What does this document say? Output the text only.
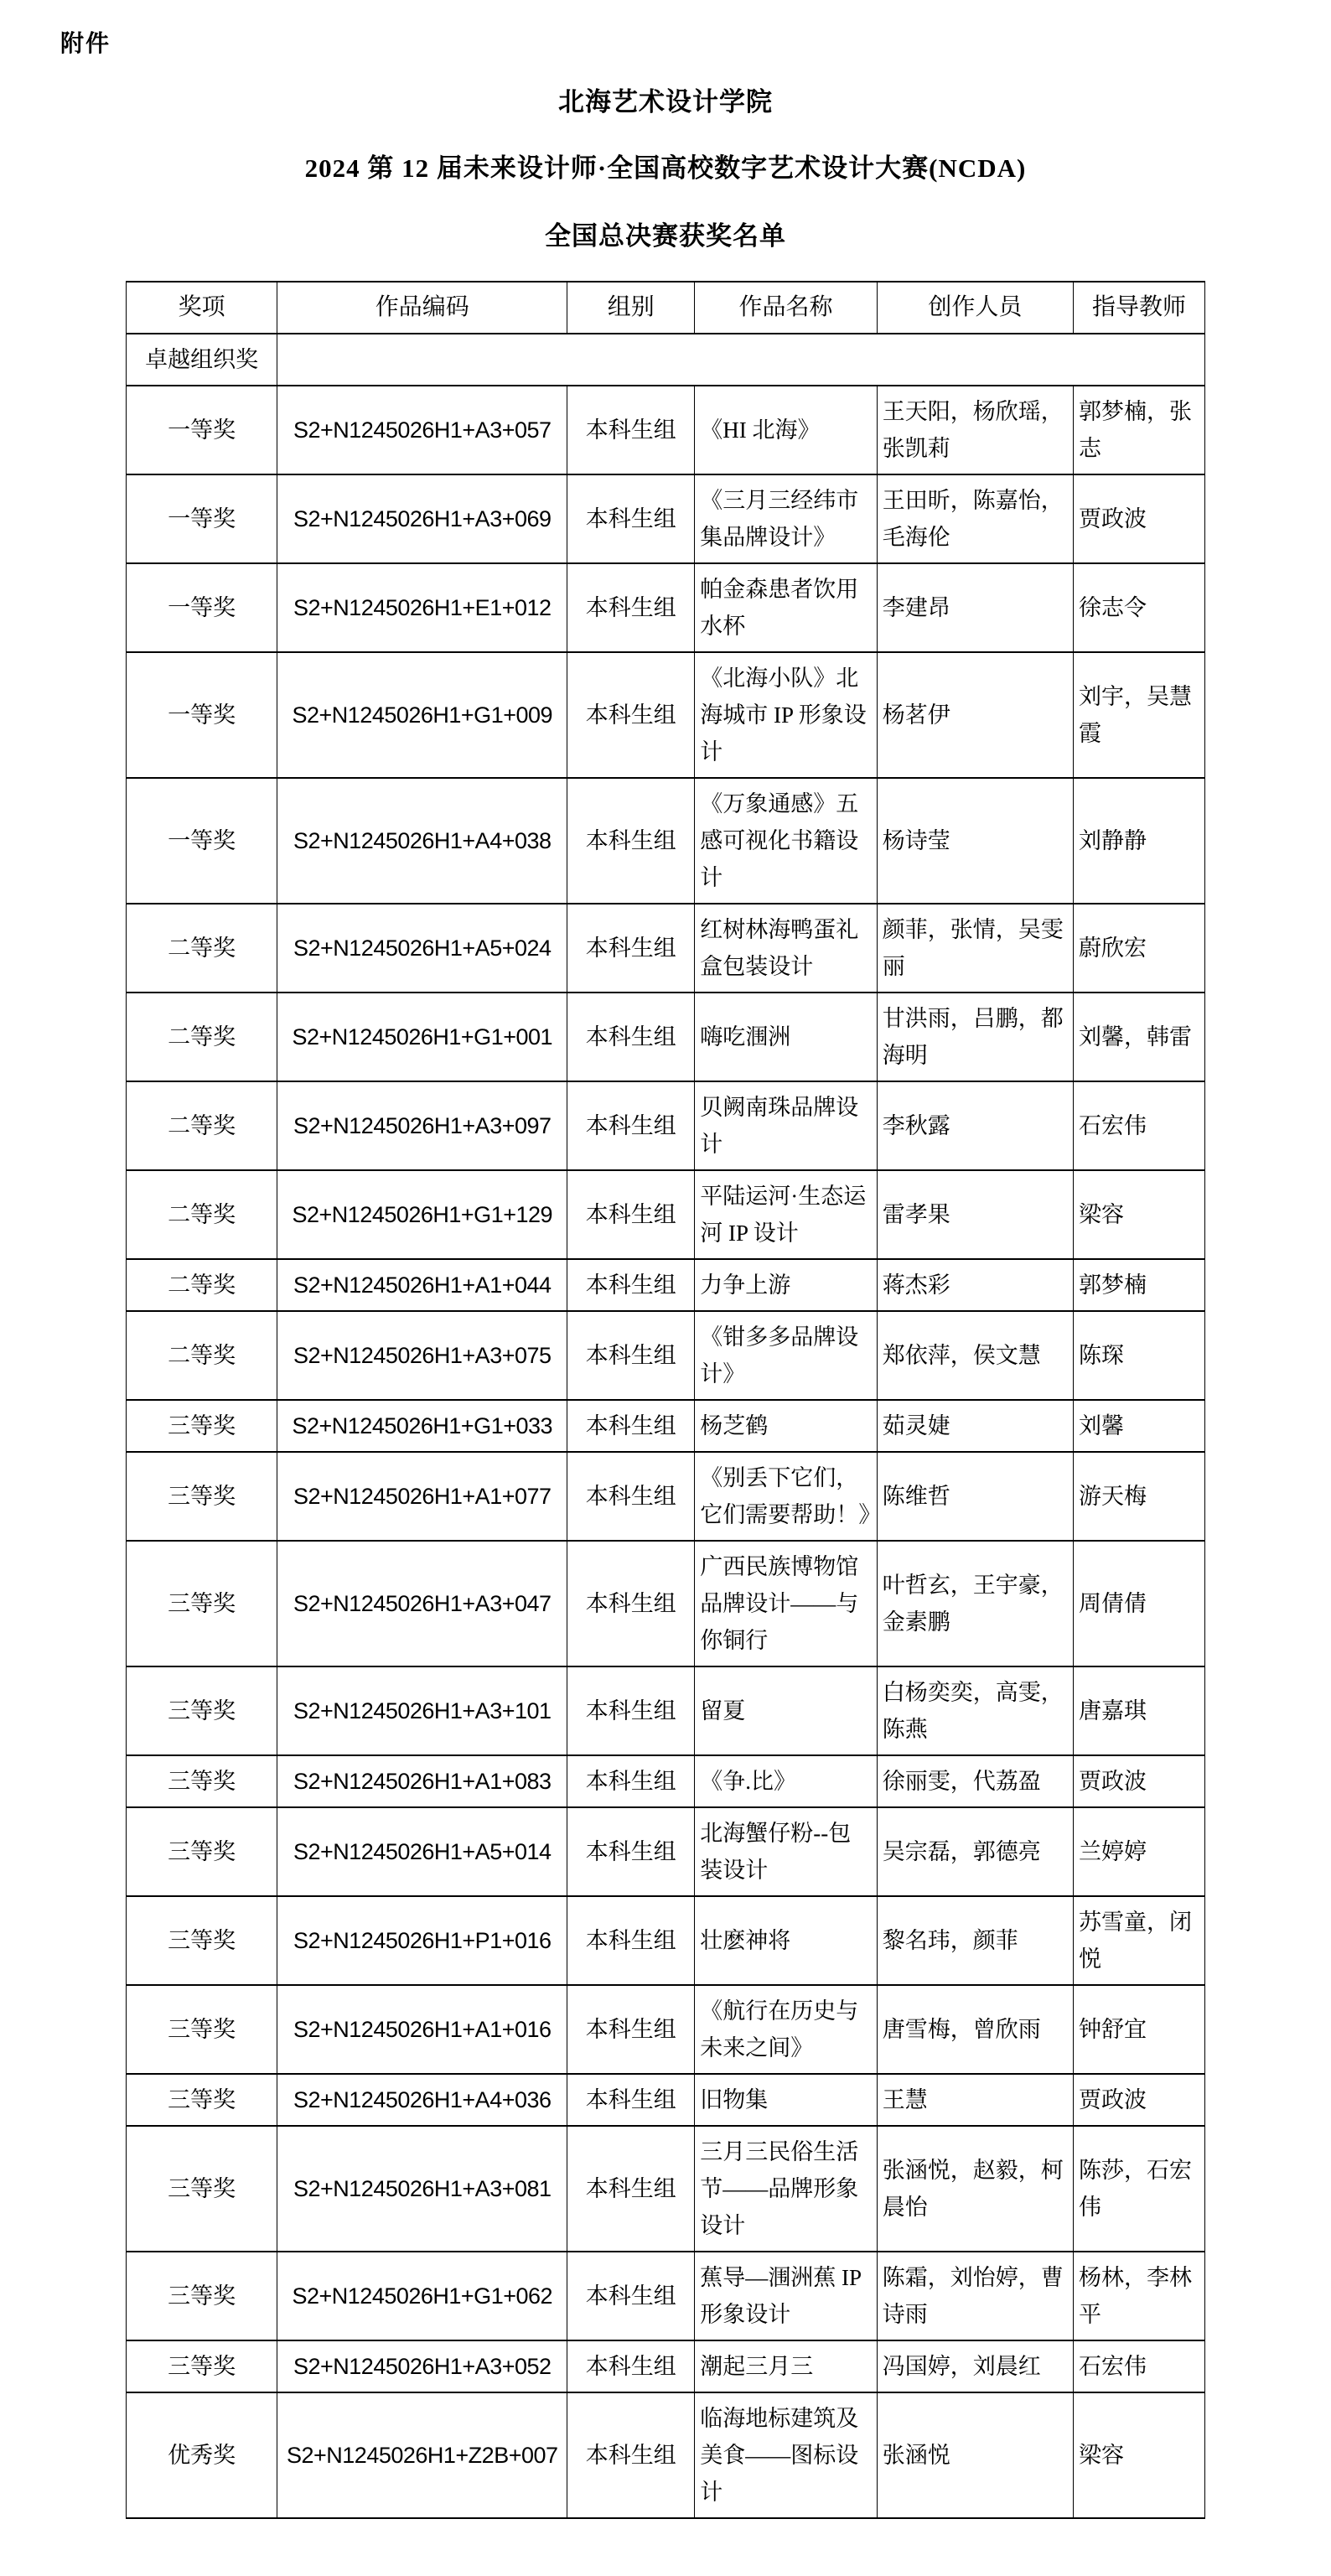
附件
北海艺术设计学院
2024 第 12 届未来设计师·全国高校数字艺术设计大赛(NCDA)
全国总决赛获奖名单
奖项	作品编码	组别	作品名称	创作人员	指导教师
卓越组织奖					
一等奖	S2+N1245026H1+A3+057	本科生组	《HI 北海》	王天阳，杨欣瑶，张凯莉	郭梦楠，张志
一等奖	S2+N1245026H1+A3+069	本科生组	《三月三经纬市集品牌设计》	王田昕，陈嘉怡，毛海伦	贾政波
一等奖	S2+N1245026H1+E1+012	本科生组	帕金森患者饮用水杯	李建昂	徐志令
一等奖	S2+N1245026H1+G1+009	本科生组	《北海小队》北海城市 IP 形象设计	杨茗伊	刘宇，吴慧霞
一等奖	S2+N1245026H1+A4+038	本科生组	《万象通感》五感可视化书籍设计	杨诗莹	刘静静
二等奖	S2+N1245026H1+A5+024	本科生组	红树林海鸭蛋礼盒包装设计	颜菲，张情，吴雯丽	蔚欣宏
二等奖	S2+N1245026H1+G1+001	本科生组	嗨吃涠洲	甘洪雨，吕鹏，都海明	刘馨，韩雷
二等奖	S2+N1245026H1+A3+097	本科生组	贝阙南珠品牌设计	李秋露	石宏伟
二等奖	S2+N1245026H1+G1+129	本科生组	平陆运河·生态运河 IP 设计	雷孝果	梁容
二等奖	S2+N1245026H1+A1+044	本科生组	力争上游	蒋杰彩	郭梦楠
二等奖	S2+N1245026H1+A3+075	本科生组	《钳多多品牌设计》	郑依萍，侯文慧	陈琛
三等奖	S2+N1245026H1+G1+033	本科生组	杨芝鹤	茹灵婕	刘馨
三等奖	S2+N1245026H1+A1+077	本科生组	《别丢下它们，它们需要帮助！》	陈维哲	游天梅
三等奖	S2+N1245026H1+A3+047	本科生组	广西民族博物馆品牌设计——与你铜行	叶哲玄，王宇豪，金素鹏	周倩倩
三等奖	S2+N1245026H1+A3+101	本科生组	留夏	白杨奕奕，高雯，陈燕	唐嘉琪
三等奖	S2+N1245026H1+A1+083	本科生组	《争.比》	徐丽雯，代荔盈	贾政波
三等奖	S2+N1245026H1+A5+014	本科生组	北海蟹仔粉--包装设计	吴宗磊，郭德亮	兰婷婷
三等奖	S2+N1245026H1+P1+016	本科生组	壮麽神将	黎名玮，颜菲	苏雪童，闭悦
三等奖	S2+N1245026H1+A1+016	本科生组	《航行在历史与未来之间》	唐雪梅，曾欣雨	钟舒宜
三等奖	S2+N1245026H1+A4+036	本科生组	旧物集	王慧	贾政波
三等奖	S2+N1245026H1+A3+081	本科生组	三月三民俗生活节——品牌形象设计	张涵悦，赵毅，柯晨怡	陈莎，石宏伟
三等奖	S2+N1245026H1+G1+062	本科生组	蕉导—涠洲蕉 IP 形象设计	陈霜，刘怡婷，曹诗雨	杨林，李林平
三等奖	S2+N1245026H1+A3+052	本科生组	潮起三月三	冯国婷，刘晨红	石宏伟
优秀奖	S2+N1245026H1+Z2B+007	本科生组	临海地标建筑及美食——图标设计	张涵悦	梁容
